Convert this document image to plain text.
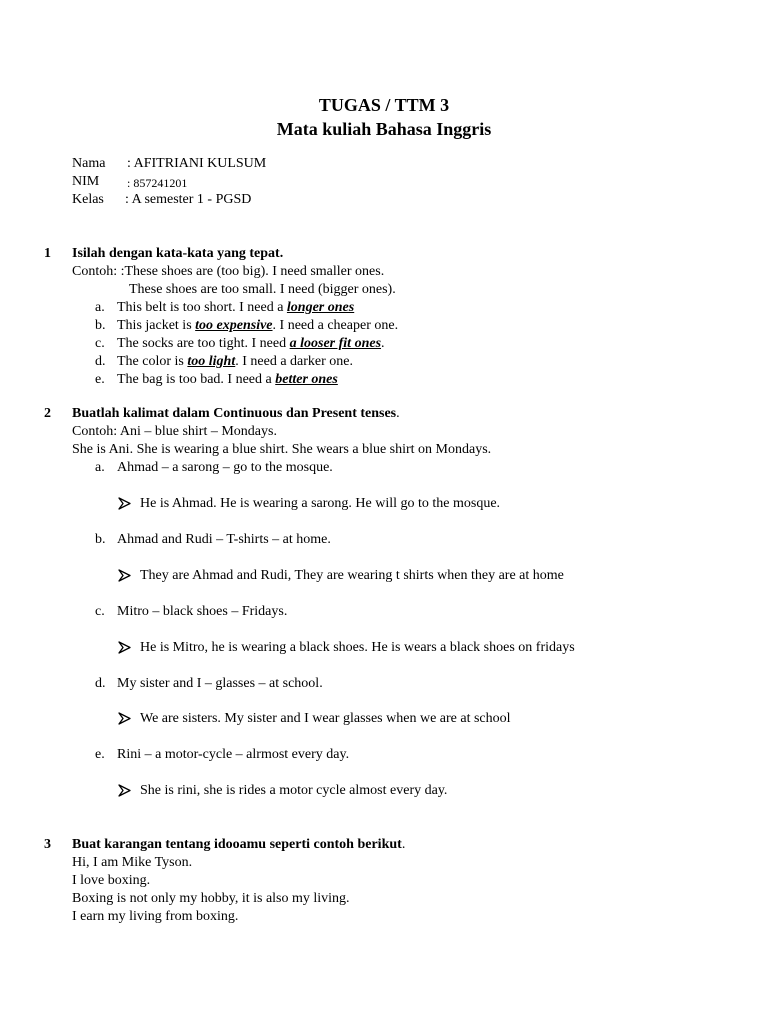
TUGAS / TTM 3
Mata kuliah Bahasa Inggris
Nama : AFITRIANI KULSUM
NIM : 857241201
Kelas : A semester 1 - PGSD
1 Isilah dengan kata-kata yang tepat.
Contoh: :These shoes are (too big). I need smaller ones.
These shoes are too small. I need (bigger ones).
a. This belt is too short. I need a longer ones
b. This jacket is too expensive. I need a cheaper one.
c. The socks are too tight. I need a looser fit ones.
d. The color is too light. I need a darker one.
e. The bag is too bad. I need a better ones
2 Buatlah kalimat dalam Continuous dan Present tenses.
Contoh: Ani – blue shirt – Mondays.
She is Ani. She is wearing a blue shirt. She wears a blue shirt on Mondays.
a. Ahmad – a sarong – go to the mosque.
He is Ahmad. He is wearing a sarong. He will go to the mosque.
b. Ahmad and Rudi – T-shirts – at home.
They are Ahmad and Rudi, They are wearing t shirts when they are at home
c. Mitro – black shoes – Fridays.
He is Mitro, he is wearing a black shoes. He is wears a black shoes on fridays
d. My sister and I – glasses – at school.
We are sisters. My sister and I wear glasses when we are at school
e. Rini – a motor-cycle – alrmost every day.
She is rini, she is rides a motor cycle almost every day.
3 Buat karangan tentang idooamu seperti contoh berikut.
Hi, I am Mike Tyson.
I love boxing.
Boxing is not only my hobby, it is also my living.
I earn my living from boxing.
